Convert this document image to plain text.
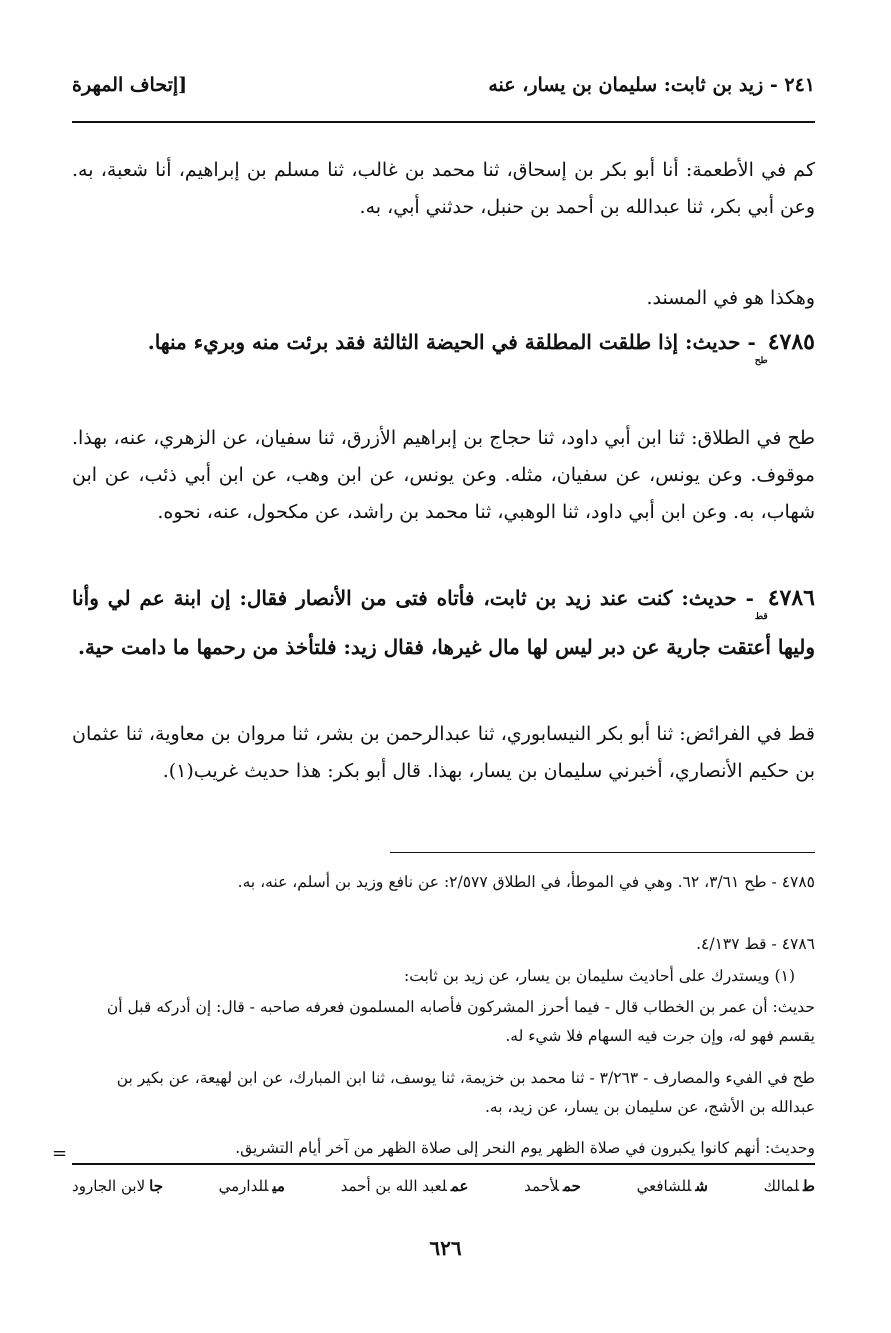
٢٤١ - زيد بن ثابت: سليمان بن يسار، عنه
[إتحاف المهرة
كم في الأطعمة: أنا أبو بكر بن إسحاق، ثنا محمد بن غالب، ثنا مسلم بن إبراهيم، أنا شعبة، به. وعن أبي بكر، ثنا عبدالله بن أحمد بن حنبل، حدثني أبي، به.
وهكذا هو في المسند.
$٤٧٨٥_{طح}$ - حديث: إذا طلقت المطلقة في الحيضة الثالثة فقد برئت منه وبريء منها.
طح في الطلاق: ثنا ابن أبي داود، ثنا حجاج بن إبراهيم الأزرق، ثنا سفيان، عن الزهري، عنه، بهذا. موقوف. وعن يونس، عن سفيان، مثله. وعن يونس، عن ابن وهب، عن ابن أبي ذئب، عن ابن شهاب، به. وعن ابن أبي داود، ثنا الوهبي، ثنا محمد بن راشد، عن مكحول، عنه، نحوه.
$٤٧٨٦_{قط}$ - حديث: كنت عند زيد بن ثابت، فأتاه فتى من الأنصار فقال: إن ابنة عم لي وأنا وليها أعتقت جارية عن دبر ليس لها مال غيرها، فقال زيد: فلتأخذ من رحمها ما دامت حية.
قط في الفرائض: ثنا أبو بكر النيسابوري، ثنا عبدالرحمن بن بشر، ثنا مروان بن معاوية، ثنا عثمان بن حكيم الأنصاري، أخبرني سليمان بن يسار، بهذا. قال أبو بكر: هذا حديث غريب(١).
٤٧٨٥ - طح ٣/٦١، ٦٢. وهي في الموطأ، في الطلاق ٢/٥٧٧: عن نافع وزيد بن أسلم، عنه، به.
٤٧٨٦ - قط ٤/١٣٧.
(١) ويستدرك على أحاديث سليمان بن يسار، عن زيد بن ثابت:
حديث: أن عمر بن الخطاب قال - فيما أحرز المشركون فأصابه المسلمون فعرفه صاحبه - قال: إن أدركه قبل أن يقسم فهو له، وإن جرت فيه السهام فلا شيء له.
طح في الفيء والمصارف - ٣/٢٦٣ - ثنا محمد بن خزيمة، ثنا يوسف، ثنا ابن المبارك، عن ابن لهيعة، عن بكير بن عبدالله بن الأشج، عن سليمان بن يسار، عن زيد، به.
وحديث: أنهم كانوا يكبرون في صلاة الظهر يوم النحر إلى صلاة الظهر من آخر أيام التشريق.
=
طلمالك
شللشافعي
حملأحمد
عملعبد الله بن أحمد
ميللدارمي
جالابن الجارود
٦٢٦
